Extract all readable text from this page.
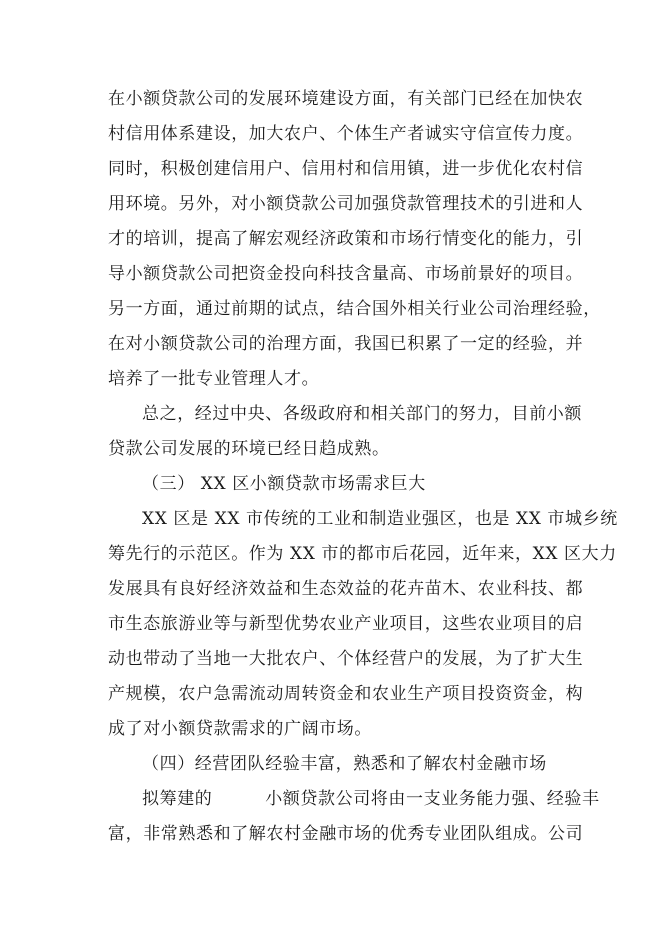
在小额贷款公司的发展环境建设方面，有关部门已经在加快农
村信用体系建设，加大农户、个体生产者诚实守信宣传力度。
同时，积极创建信用户、信用村和信用镇，进一步优化农村信
用环境。另外，对小额贷款公司加强贷款管理技术的引进和人
才的培训，提高了解宏观经济政策和市场行情变化的能力，引
导小额贷款公司把资金投向科技含量高、市场前景好的项目。
另一方面，通过前期的试点，结合国外相关行业公司治理经验，
在对小额贷款公司的治理方面，我国已积累了一定的经验，并
培养了一批专业管理人才。
总之，经过中央、各级政府和相关部门的努力，目前小额
贷款公司发展的环境已经日趋成熟。
（三） XX 区小额贷款市场需求巨大
XX 区是 XX 市传统的工业和制造业强区，也是 XX 市城乡统
筹先行的示范区。作为 XX 市的都市后花园，近年来，XX 区大力
发展具有良好经济效益和生态效益的花卉苗木、农业科技、都
市生态旅游业等与新型优势农业产业项目，这些农业项目的启
动也带动了当地一大批农户、个体经营户的发展，为了扩大生
产规模，农户急需流动周转资金和农业生产项目投资资金，构
成了对小额贷款需求的广阔市场。
（四）经营团队经验丰富，熟悉和了解农村金融市场
拟筹建的　　　小额贷款公司将由一支业务能力强、经验丰
富，非常熟悉和了解农村金融市场的优秀专业团队组成。公司
